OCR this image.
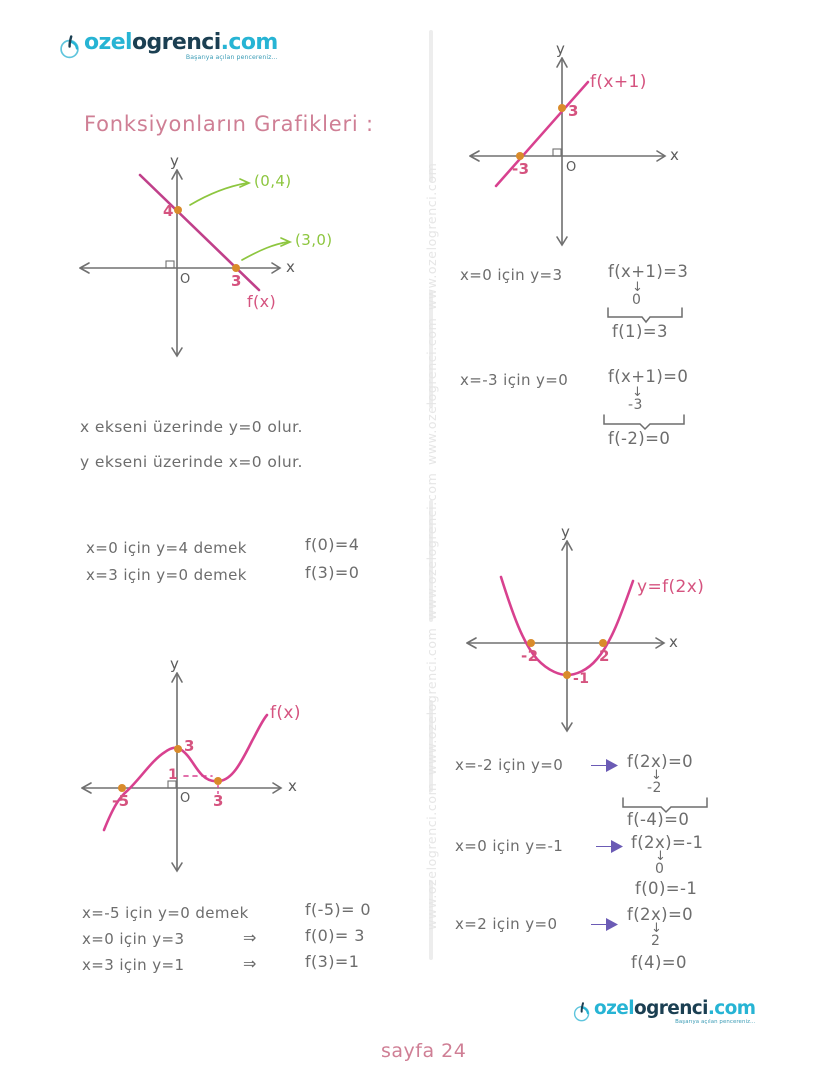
ozelogrenci.com
Başarıya açılan pencereniz...
www.ozelogrenci.com
www.ozelogrenci.com
www.ozelogrenci.com
www.ozelogrenci.com
www.ozelogrenci.com
Fonksiyonların Grafikleri :
x
y
O
4
3
f(x)
(0,4)
(3,0)
x ekseni üzerinde y=0 olur.
y ekseni üzerinde x=0 olur.
x=0 için y=4 demek	f(0)=4
x=3 için y=0 demek	f(3)=0
x
y
O
3
1
-5	3
f(x)
x=-5 için y=0 demek	f(-5)= 0
x=0 için y=3	⇒	f(0)= 3
x=3 için y=1	⇒	f(3)=1
x
y
O
3
-3
f(x+1)
x=0 için y=3	f(x+1)=3
↓
0
f(1)=3
x=-3 için y=0 f(x+1)=0
↓
-3
f(-2)=0
x
y
-2	2
-1
y=f(2x)
x=-2 için y=0	f(2x)=0
↓
-2
f(-4)=0
x=0 için y=-1	f(2x)=-1
↓
0
f(0)=-1
x=2 için y=0	f(2x)=0
↓
2
f(4)=0
ozelogrenci.com
Başarıya açılan pencereniz...
sayfa 24
